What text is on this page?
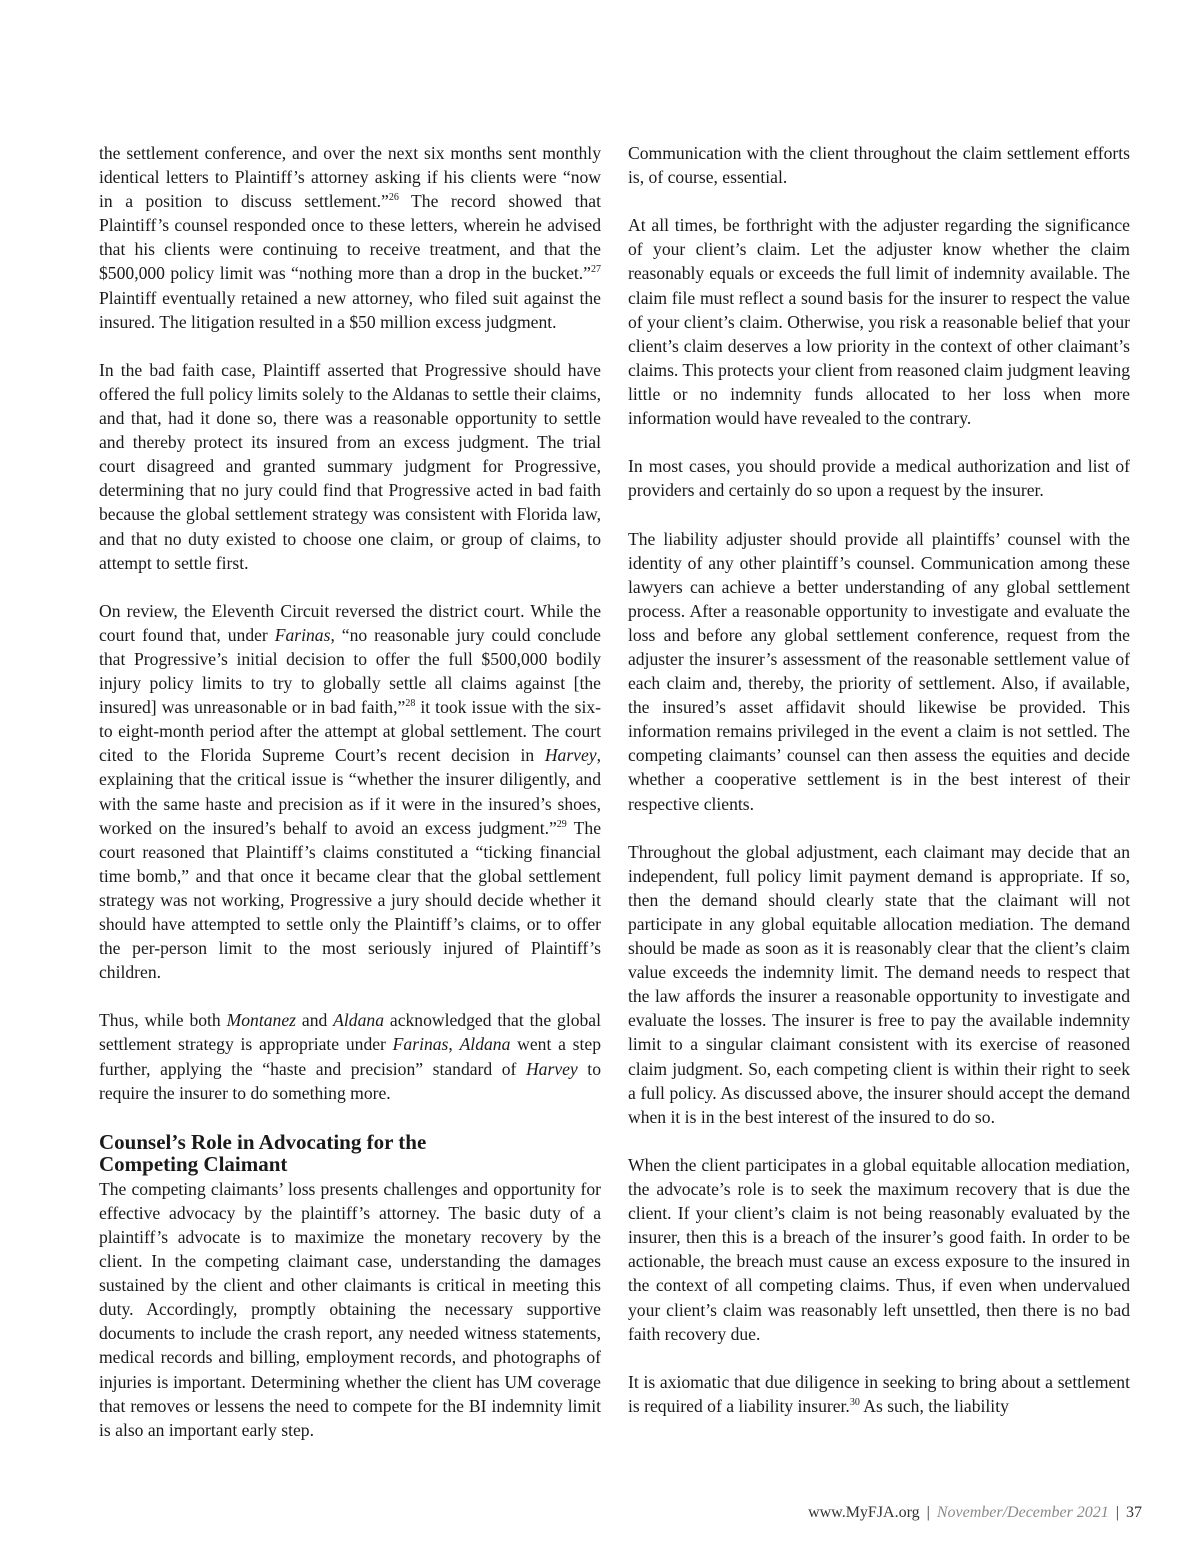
the settlement conference, and over the next six months sent monthly identical letters to Plaintiff’s attorney asking if his clients were “now in a position to discuss settlement.”$^{26}$ The record showed that Plaintiff’s counsel responded once to these letters, wherein he advised that his clients were continuing to receive treatment, and that the $500,000 policy limit was “nothing more than a drop in the bucket.”$^{27}$ Plaintiff eventually retained a new attorney, who filed suit against the insured. The litigation resulted in a $50 million excess judgment.

In the bad faith case, Plaintiff asserted that Progressive should have offered the full policy limits solely to the Aldanas to settle their claims, and that, had it done so, there was a reasonable opportunity to settle and thereby protect its insured from an excess judgment. The trial court disagreed and granted summary judgment for Progressive, determining that no jury could find that Progressive acted in bad faith because the global settlement strategy was consistent with Florida law, and that no duty existed to choose one claim, or group of claims, to attempt to settle first.

On review, the Eleventh Circuit reversed the district court. While the court found that, under Farinas, “no reasonable jury could conclude that Progressive’s initial decision to offer the full $500,000 bodily injury policy limits to try to globally settle all claims against [the insured] was unreasonable or in bad faith,”$^{28}$ it took issue with the six- to eight-month period after the attempt at global settlement. The court cited to the Florida Supreme Court’s recent decision in Harvey, explaining that the critical issue is “whether the insurer diligently, and with the same haste and precision as if it were in the insured’s shoes, worked on the insured’s behalf to avoid an excess judgment.”$^{29}$ The court reasoned that Plaintiff’s claims constituted a “ticking financial time bomb,” and that once it became clear that the global settlement strategy was not working, Progressive a jury should decide whether it should have attempted to settle only the Plaintiff’s claims, or to offer the per-person limit to the most seriously injured of Plaintiff’s children.

Thus, while both Montanez and Aldana acknowledged that the global settlement strategy is appropriate under Farinas, Aldana went a step further, applying the “haste and precision” standard of Harvey to require the insurer to do something more.

Counsel’s Role in Advocating for the
Competing Claimant

The competing claimants’ loss presents challenges and opportunity for effective advocacy by the plaintiff’s attorney. The basic duty of a plaintiff’s advocate is to maximize the monetary recovery by the client. In the competing claimant case, understanding the damages sustained by the client and other claimants is critical in meeting this duty. Accordingly, promptly obtaining the necessary supportive documents to include the crash report, any needed witness statements, medical records and billing, employment records, and photographs of injuries is important. Determining whether the client has UM coverage that removes or lessens the need to compete for the BI indemnity limit is also an important early step.

Communication with the client throughout the claim settlement efforts is, of course, essential.

At all times, be forthright with the adjuster regarding the significance of your client’s claim. Let the adjuster know whether the claim reasonably equals or exceeds the full limit of indemnity available. The claim file must reflect a sound basis for the insurer to respect the value of your client’s claim. Otherwise, you risk a reasonable belief that your client’s claim deserves a low priority in the context of other claimant’s claims. This protects your client from reasoned claim judgment leaving little or no indemnity funds allocated to her loss when more information would have revealed to the contrary.

In most cases, you should provide a medical authorization and list of providers and certainly do so upon a request by the insurer.

The liability adjuster should provide all plaintiffs’ counsel with the identity of any other plaintiff’s counsel. Communication among these lawyers can achieve a better understanding of any global settlement process. After a reasonable opportunity to investigate and evaluate the loss and before any global settlement conference, request from the adjuster the insurer’s assessment of the reasonable settlement value of each claim and, thereby, the priority of settlement. Also, if available, the insured’s asset affidavit should likewise be provided. This information remains privileged in the event a claim is not settled. The competing claimants’ counsel can then assess the equities and decide whether a cooperative settlement is in the best interest of their respective clients.

Throughout the global adjustment, each claimant may decide that an independent, full policy limit payment demand is appropriate. If so, then the demand should clearly state that the claimant will not participate in any global equitable allocation mediation. The demand should be made as soon as it is reasonably clear that the client’s claim value exceeds the indemnity limit. The demand needs to respect that the law affords the insurer a reasonable opportunity to investigate and evaluate the losses. The insurer is free to pay the available indemnity limit to a singular claimant consistent with its exercise of reasoned claim judgment. So, each competing client is within their right to seek a full policy. As discussed above, the insurer should accept the demand when it is in the best interest of the insured to do so.

When the client participates in a global equitable allocation mediation, the advocate’s role is to seek the maximum recovery that is due the client. If your client’s claim is not being reasonably evaluated by the insurer, then this is a breach of the insurer’s good faith. In order to be actionable, the breach must cause an excess exposure to the insured in the context of all competing claims. Thus, if even when undervalued your client’s claim was reasonably left unsettled, then there is no bad faith recovery due.

It is axiomatic that due diligence in seeking to bring about a settlement is required of a liability insurer.$^{30}$ As such, the liability

www.MyFJA.org | November/December 2021 | 37
